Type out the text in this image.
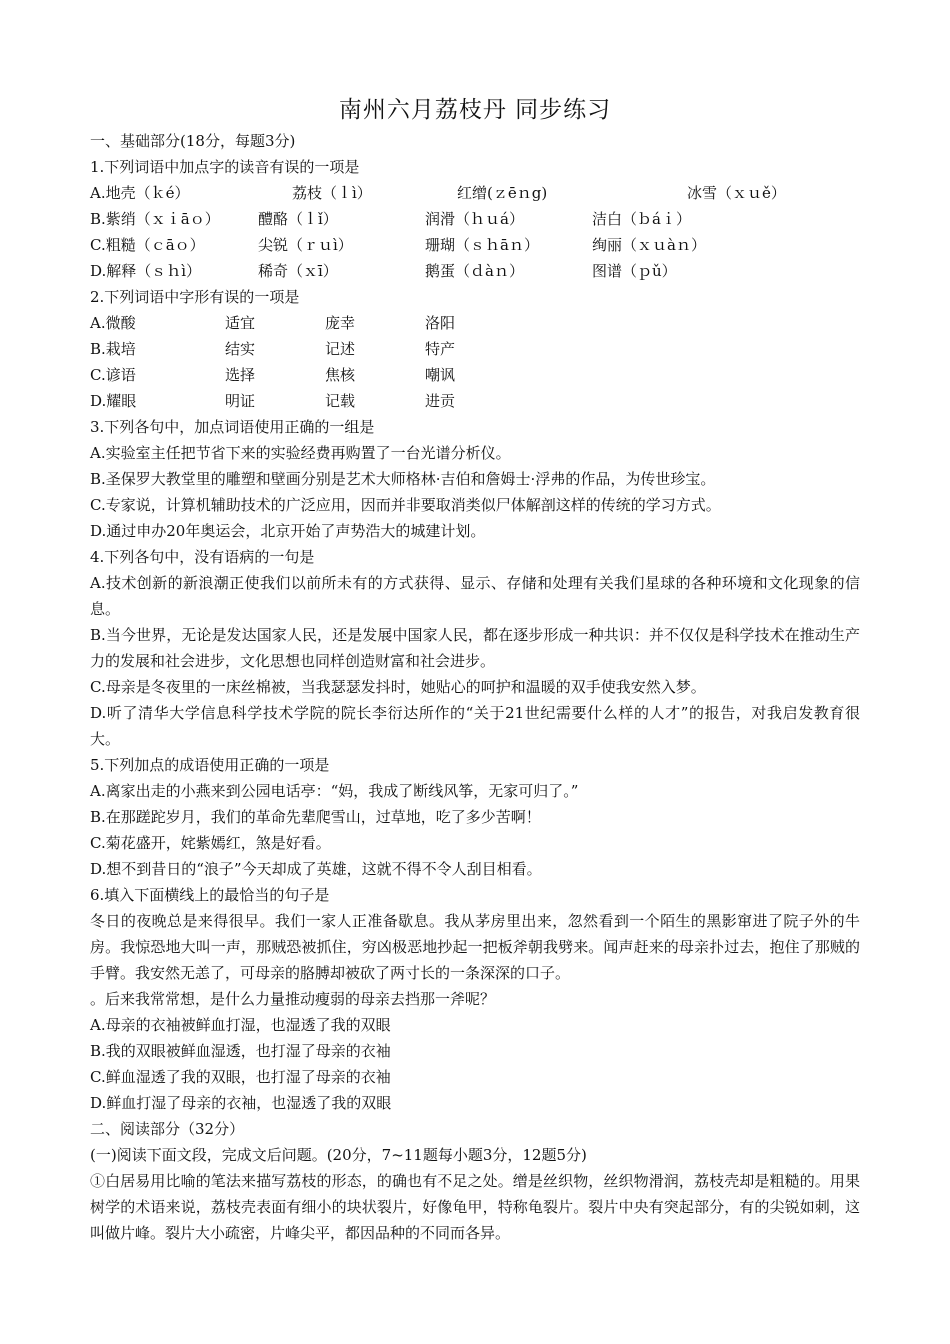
南州六月荔枝丹 同步练习
一、基础部分(18分，每题3分)
1.下列词语中加点字的读音有误的一项是
A.地壳（ｋé）	荔枝（ｌì）	红缯(ｚēｎg)	冰雪（ｘｕě）
B.紫绡（ｘｉāｏ）	醴酪（ｌǐ）	润滑（ｈｕá）	洁白（ｂáｉ）
C.粗糙（ｃāｏ）	尖锐（ｒｕì）	珊瑚（ｓｈāｎ）	绚丽（ｘｕàｎ）
D.解释（ｓｈì）	稀奇（ｘī）	鹅蛋（ｄàｎ）	图谱（ｐǔ）
2.下列词语中字形有误的一项是
A.微酸	适宜	庞幸	洛阳
B.栽培	结实	记述	特产
C.谚语	选择	焦核	嘲讽
D.耀眼	明证	记载	进贡
3.下列各句中，加点词语使用正确的一组是
A.实验室主任把节省下来的实验经费再购置了一台光谱分析仪。
B.圣保罗大教堂里的雕塑和壁画分别是艺术大师格林·吉伯和詹姆士·浮弗的作品，为传世珍宝。
C.专家说，计算机辅助技术的广泛应用，因而并非要取消类似尸体解剖这样的传统的学习方式。
D.通过申办20年奥运会，北京开始了声势浩大的城建计划。
4.下列各句中，没有语病的一句是
A.技术创新的新浪潮正使我们以前所未有的方式获得、显示、存储和处理有关我们星球的各种环境和文化现象的信息。
B.当今世界，无论是发达国家人民，还是发展中国家人民，都在逐步形成一种共识：并不仅仅是科学技术在推动生产力的发展和社会进步，文化思想也同样创造财富和社会进步。
C.母亲是冬夜里的一床丝棉被，当我瑟瑟发抖时，她贴心的呵护和温暖的双手使我安然入梦。
D.听了清华大学信息科学技术学院的院长李衍达所作的“关于21世纪需要什么样的人才”的报告，对我启发教育很大。
5.下列加点的成语使用正确的一项是
A.离家出走的小燕来到公园电话亭：“妈，我成了断线风筝，无家可归了。”
B.在那蹉跎岁月，我们的革命先辈爬雪山，过草地，吃了多少苦啊！
C.菊花盛开，姹紫嫣红，煞是好看。
D.想不到昔日的“浪子”今天却成了英雄，这就不得不令人刮目相看。
6.填入下面横线上的最恰当的句子是
冬日的夜晚总是来得很早。我们一家人正准备歇息。我从茅房里出来，忽然看到一个陌生的黑影窜进了院子外的牛房。我惊恐地大叫一声，那贼恐被抓住，穷凶极恶地抄起一把板斧朝我劈来。闻声赶来的母亲扑过去，抱住了那贼的手臂。我安然无恙了，可母亲的胳膊却被砍了两寸长的一条深深的口子。
。后来我常常想，是什么力量推动瘦弱的母亲去挡那一斧呢？
A.母亲的衣袖被鲜血打湿，也湿透了我的双眼
B.我的双眼被鲜血湿透，也打湿了母亲的衣袖
C.鲜血湿透了我的双眼，也打湿了母亲的衣袖
D.鲜血打湿了母亲的衣袖，也湿透了我的双眼
二、阅读部分（32分）
(一)阅读下面文段，完成文后问题。(20分，7~11题每小题3分，12题5分)
①白居易用比喻的笔法来描写荔枝的形态，的确也有不足之处。缯是丝织物，丝织物滑润，荔枝壳却是粗糙的。用果树学的术语来说，荔枝壳表面有细小的块状裂片，好像龟甲，特称龟裂片。裂片中央有突起部分，有的尖锐如刺，这叫做片峰。裂片大小疏密，片峰尖平，都因品种的不同而各异。
